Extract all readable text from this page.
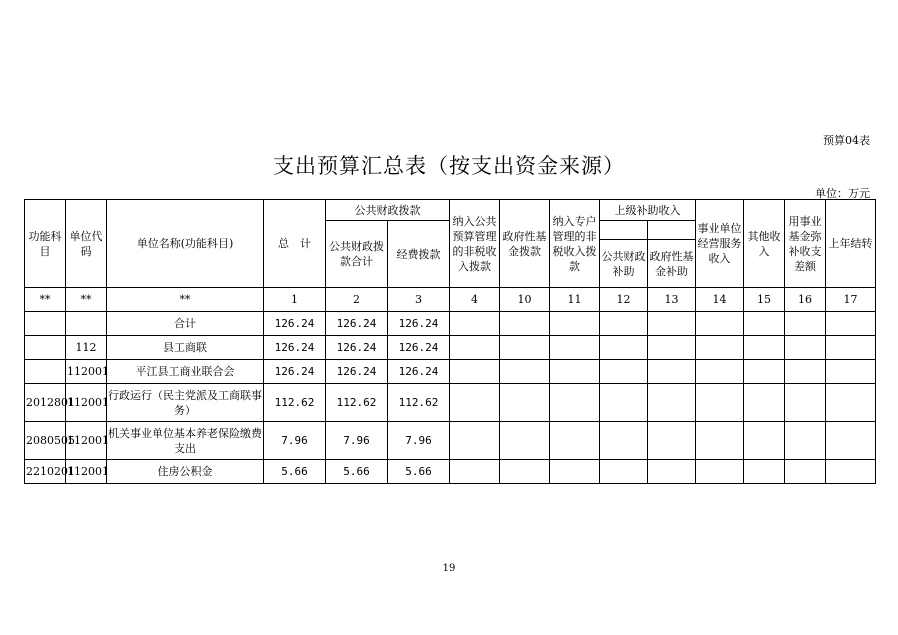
预算04表
支出预算汇总表（按支出资金来源）
单位：万元
功能科目	单位代码	单位名称(功能科目)	总　计	公共财政拨款		纳入公共预算管理的非税收入拨款	政府性基金拨款	纳入专户管理的非税收入拨款	上级补助收入		事业单位经营服务收入	其他收入	用事业基金弥补收支差额	上年结转
				公共财政拨款合计	经费拨款									
									公共财政补助	政府性基金补助				
**	**	**	1	2	3	4	10	11	12	13	14	15	16	17
		合计	126.24	126.24	126.24									
	112	县工商联	126.24	126.24	126.24									
	112001	平江县工商业联合会	126.24	126.24	126.24									
2012801	112001	行政运行（民主党派及工商联事务）	112.62	112.62	112.62									
2080505	112001	机关事业单位基本养老保险缴费支出	7.96	7.96	7.96									
2210201	112001	住房公积金	5.66	5.66	5.66									
19
